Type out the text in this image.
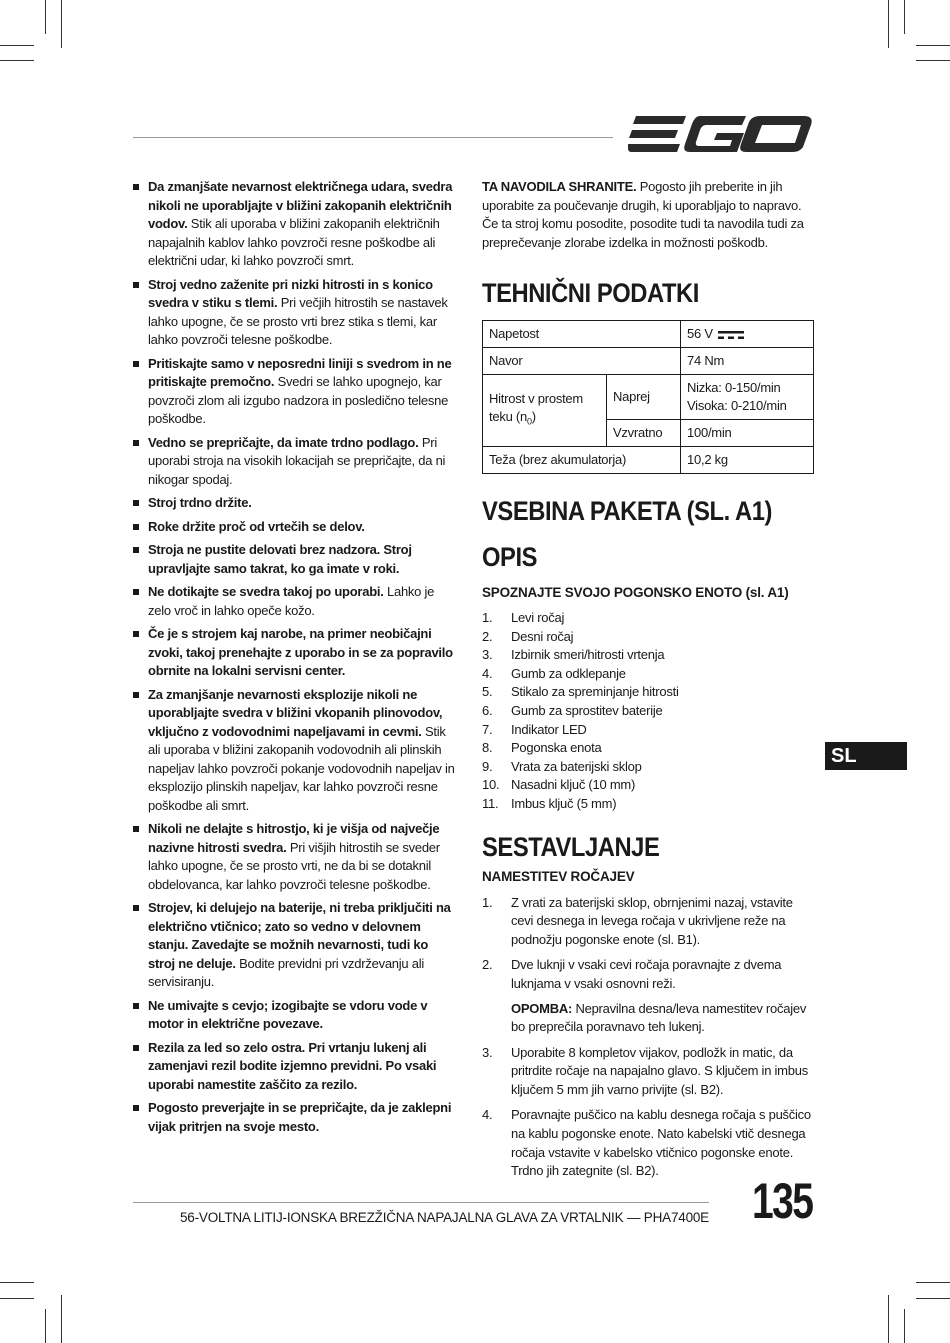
Da zmanjšate nevarnost električnega udara, svedra nikoli ne uporabljajte v bližini zakopanih električnih vodov. Stik ali uporaba v bližini zakopanih električnih napajalnih kablov lahko povzroči resne poškodbe ali električni udar, ki lahko povzroči smrt.
Stroj vedno zaženite pri nizki hitrosti in s konico svedra v stiku s tlemi. Pri večjih hitrostih se nastavek lahko upogne, če se prosto vrti brez stika s tlemi, kar lahko povzroči telesne poškodbe.
Pritiskajte samo v neposredni liniji s svedrom in ne pritiskajte premočno. Svedri se lahko upognejo, kar povzroči zlom ali izgubo nadzora in posledično telesne poškodbe.
Vedno se prepričajte, da imate trdno podlago. Pri uporabi stroja na visokih lokacijah se prepričajte, da ni nikogar spodaj.
Stroj trdno držite.
Roke držite proč od vrtečih se delov.
Stroja ne pustite delovati brez nadzora. Stroj upravljajte samo takrat, ko ga imate v roki.
Ne dotikajte se svedra takoj po uporabi. Lahko je zelo vroč in lahko opeče kožo.
Če je s strojem kaj narobe, na primer neobičajni zvoki, takoj prenehajte z uporabo in se za popravilo obrnite na lokalni servisni center.
Za zmanjšanje nevarnosti eksplozije nikoli ne uporabljajte svedra v bližini vkopanih plinovodov, vključno z vodovodnimi napeljavami in cevmi. Stik ali uporaba v bližini zakopanih vodovodnih ali plinskih napeljav lahko povzroči pokanje vodovodnih napeljav in eksplozijo plinskih napeljav, kar lahko povzroči resne poškodbe ali smrt.
Nikoli ne delajte s hitrostjo, ki je višja od največje nazivne hitrosti svedra. Pri višjih hitrostih se sveder lahko upogne, če se prosto vrti, ne da bi se dotaknil obdelovanca, kar lahko povzroči telesne poškodbe.
Strojev, ki delujejo na baterije, ni treba priključiti na električno vtičnico; zato so vedno v delovnem stanju. Zavedajte se možnih nevarnosti, tudi ko stroj ne deluje. Bodite previdni pri vzdrževanju ali servisiranju.
Ne umivajte s cevjo; izogibajte se vdoru vode v motor in električne povezave.
Rezila za led so zelo ostra. Pri vrtanju lukenj ali zamenjavi rezil bodite izjemno previdni. Po vsaki uporabi namestite zaščito za rezilo.
Pogosto preverjajte in se prepričajte, da je zaklepni vijak pritrjen na svoje mesto.

TA NAVODILA SHRANITE. Pogosto jih preberite in jih uporabite za poučevanje drugih, ki uporabljajo to napravo. Če ta stroj komu posodite, posodite tudi ta navodila tudi za preprečevanje zlorabe izdelka in možnosti poškodb.

TEHNIČNI PODATKI
Napetost		56 V
Navor		74 Nm
Hitrost v prostem teku $(n_0)$	Naprej	Nizka: 0-150/min
Visoka: 0-210/min

	Vzvratno	100/min
Teža (brez akumulatorja)		10,2 kg
VSEBINA PAKETA (SL. A1)
OPIS
SPOZNAJTE SVOJO POGONSKO ENOTO (sl. A1)
1.	Levi ročaj
2.	Desni ročaj
3.	Izbirnik smeri/hitrosti vrtenja
4.	Gumb za odklepanje
5.	Stikalo za spreminjanje hitrosti
6.	Gumb za sprostitev baterije
7.	Indikator LED
8.	Pogonska enota
9.	Vrata za baterijski sklop
10. Nasadni ključ (10 mm)
11. Imbus ključ (5 mm)
SESTAVLJANJE
NAMESTITEV ROČAJEV
1.	Z vrati za baterijski sklop, obrnjenimi nazaj, vstavite cevi desnega in levega ročaja v ukrivljene reže na podnožju pogonske enote (sl. B1).
2.	Dve luknji v vsaki cevi ročaja poravnajte z dvema luknjama v vsaki osnovni reži.
OPOMBA: Nepravilna desna/leva namestitev ročajev bo preprečila poravnavo teh lukenj.
3.	Uporabite 8 kompletov vijakov, podložk in matic, da pritrdite ročaje na napajalno glavo. S ključem in imbus ključem 5 mm jih varno privijte (sl. B2).
4.	Poravnajte puščico na kablu desnega ročaja s puščico na kablu pogonske enote. Nato kabelski vtič desnega ročaja vstavite v kabelsko vtičnico pogonske enote. Trdno jih zategnite (sl. B2).
SL
56-VOLTNA LITIJ-IONSKA BREZŽIČNA NAPAJALNA GLAVA ZA VRTALNIK — PHA7400E 135
